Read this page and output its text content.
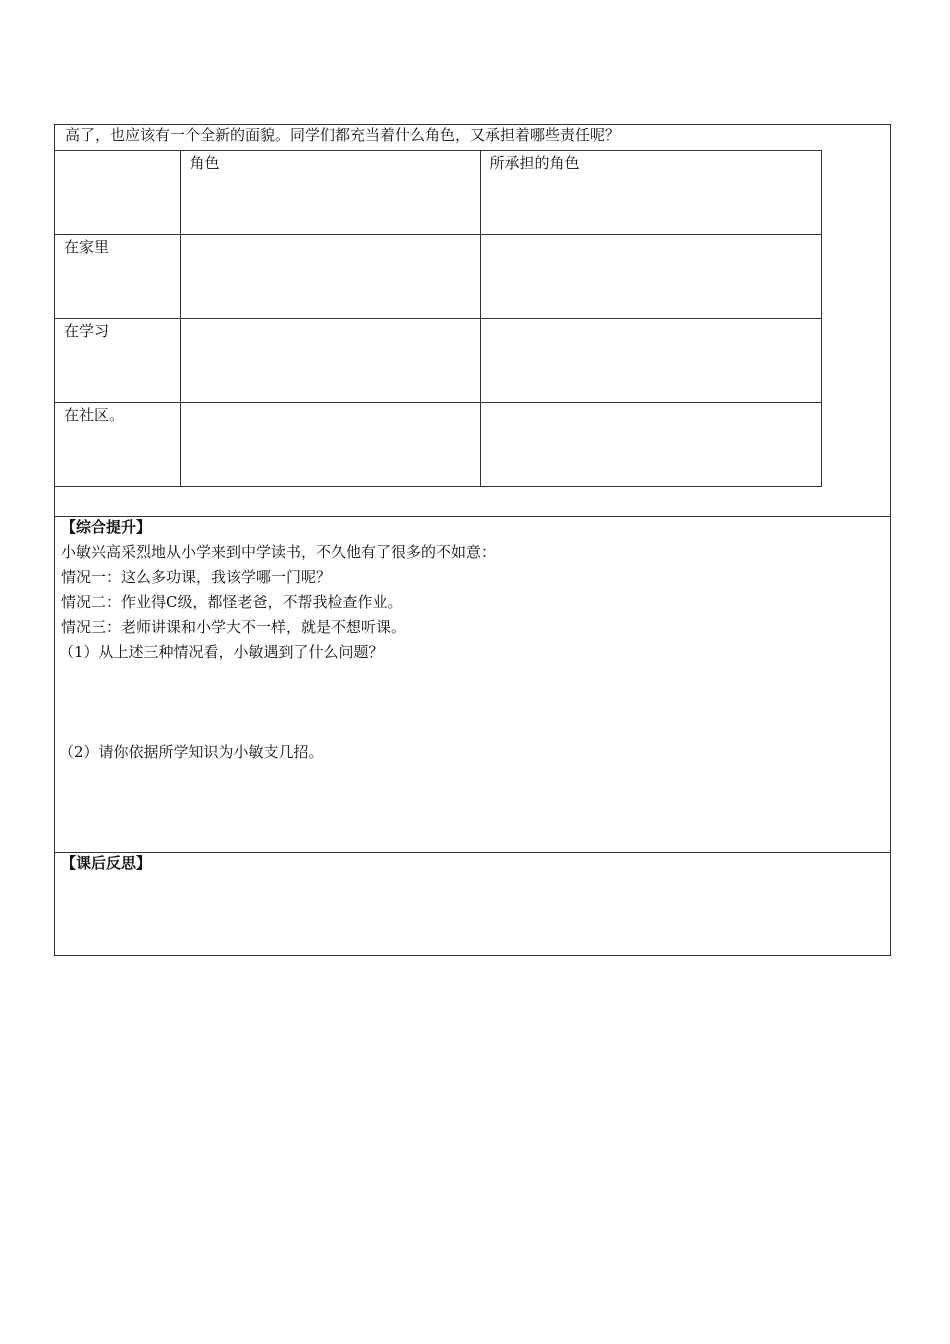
高了，也应该有一个全新的面貌。同学们都充当着什么角色，又承担着哪些责任呢？
	角色	所承担的角色
在家里		
在学习		
在社区。		
【综合提升】
小敏兴高采烈地从小学来到中学读书，不久他有了很多的不如意：
情况一：这么多功课，我该学哪一门呢？
情况二：作业得C级，都怪老爸，不帮我检查作业。
情况三：老师讲课和小学大不一样，就是不想听课。
（1）从上述三种情况看，小敏遇到了什么问题？
（2）请你依据所学知识为小敏支几招。
【课后反思】
